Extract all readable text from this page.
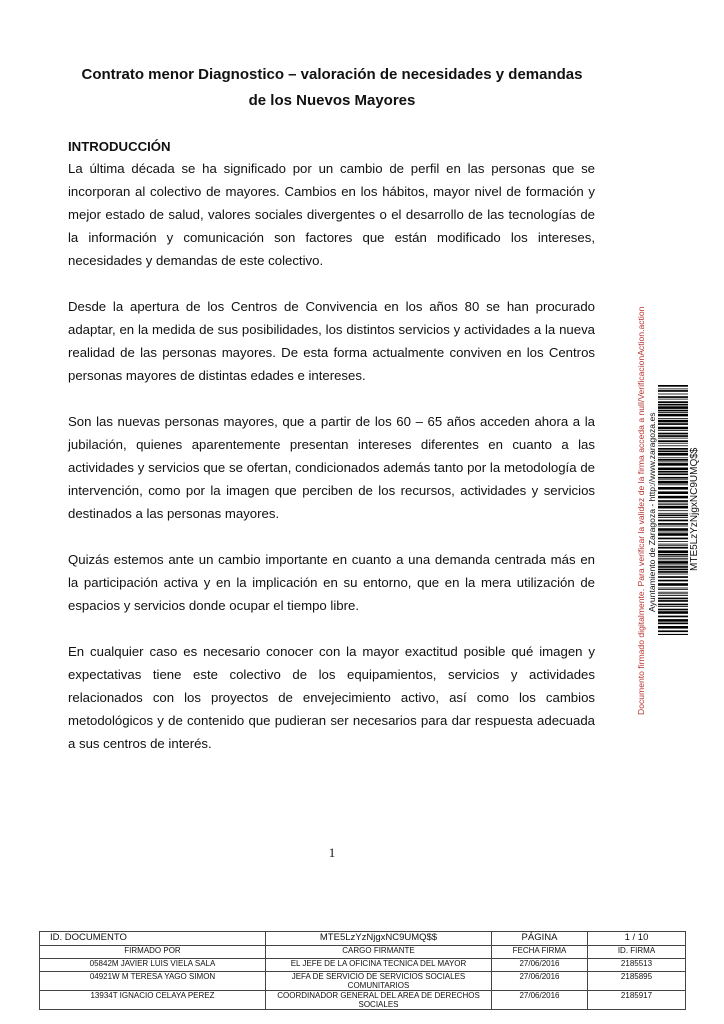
Contrato menor Diagnostico – valoración de necesidades y demandas
de los Nuevos Mayores

INTRODUCCIÓN

La última década se ha significado por un cambio de perfil en las personas que se incorporan al colectivo de mayores. Cambios en los hábitos, mayor nivel de formación y mejor estado de salud, valores sociales divergentes o el desarrollo de las tecnologías de la información y comunicación son factores que están modificado los intereses, necesidades y demandas de este colectivo.

Desde la apertura de los Centros de Convivencia en los años 80 se han procurado adaptar, en la medida de sus posibilidades, los distintos servicios y actividades a la nueva realidad de las personas mayores. De esta forma actualmente conviven en los Centros personas mayores de distintas edades e intereses.

Son las nuevas personas mayores, que a partir de los 60 – 65 años acceden ahora a la jubilación, quienes aparentemente presentan intereses diferentes en cuanto a las actividades y servicios que se ofertan, condicionados además tanto por la metodología de intervención, como por la imagen que perciben de los recursos, actividades y servicios destinados a las personas mayores.

Quizás estemos ante un cambio importante en cuanto a una demanda centrada más en la participación activa y en la implicación en su entorno, que en la mera utilización de espacios y servicios donde ocupar el tiempo libre.

En cualquier caso es necesario conocer con la mayor exactitud posible qué imagen y expectativas tiene este colectivo de los equipamientos, servicios y actividades relacionados con los proyectos de envejecimiento activo, así como los cambios metodológicos y de contenido que pudieran ser necesarios para dar respuesta adecuada a sus centros de interés.

1
Documento firmado digitalmente. Para verificar la validez de la firma acceda a null/VerificacionAction.action Ayuntamiento de Zaragoza - http://www.zaragoza.es	MTE5LzYzNjgxNC9UMQ$$
ID. DOCUMENTO	MTE5LzYzNjgxNC9UMQ$$	PÁGINA	1 / 10
FIRMADO POR	CARGO FIRMANTE	FECHA FIRMA	ID. FIRMA
05842M JAVIER LUIS VIELA SALA	EL JEFE DE LA OFICINA TECNICA DEL MAYOR	27/06/2016	2185513
04921W M TERESA YAGO SIMON	JEFA DE SERVICIO DE SERVICIOS SOCIALES COMUNITARIOS	27/06/2016	2185895
13934T IGNACIO CELAYA PEREZ	COORDINADOR GENERAL DEL AREA DE DERECHOS SOCIALES	27/06/2016	2185917
